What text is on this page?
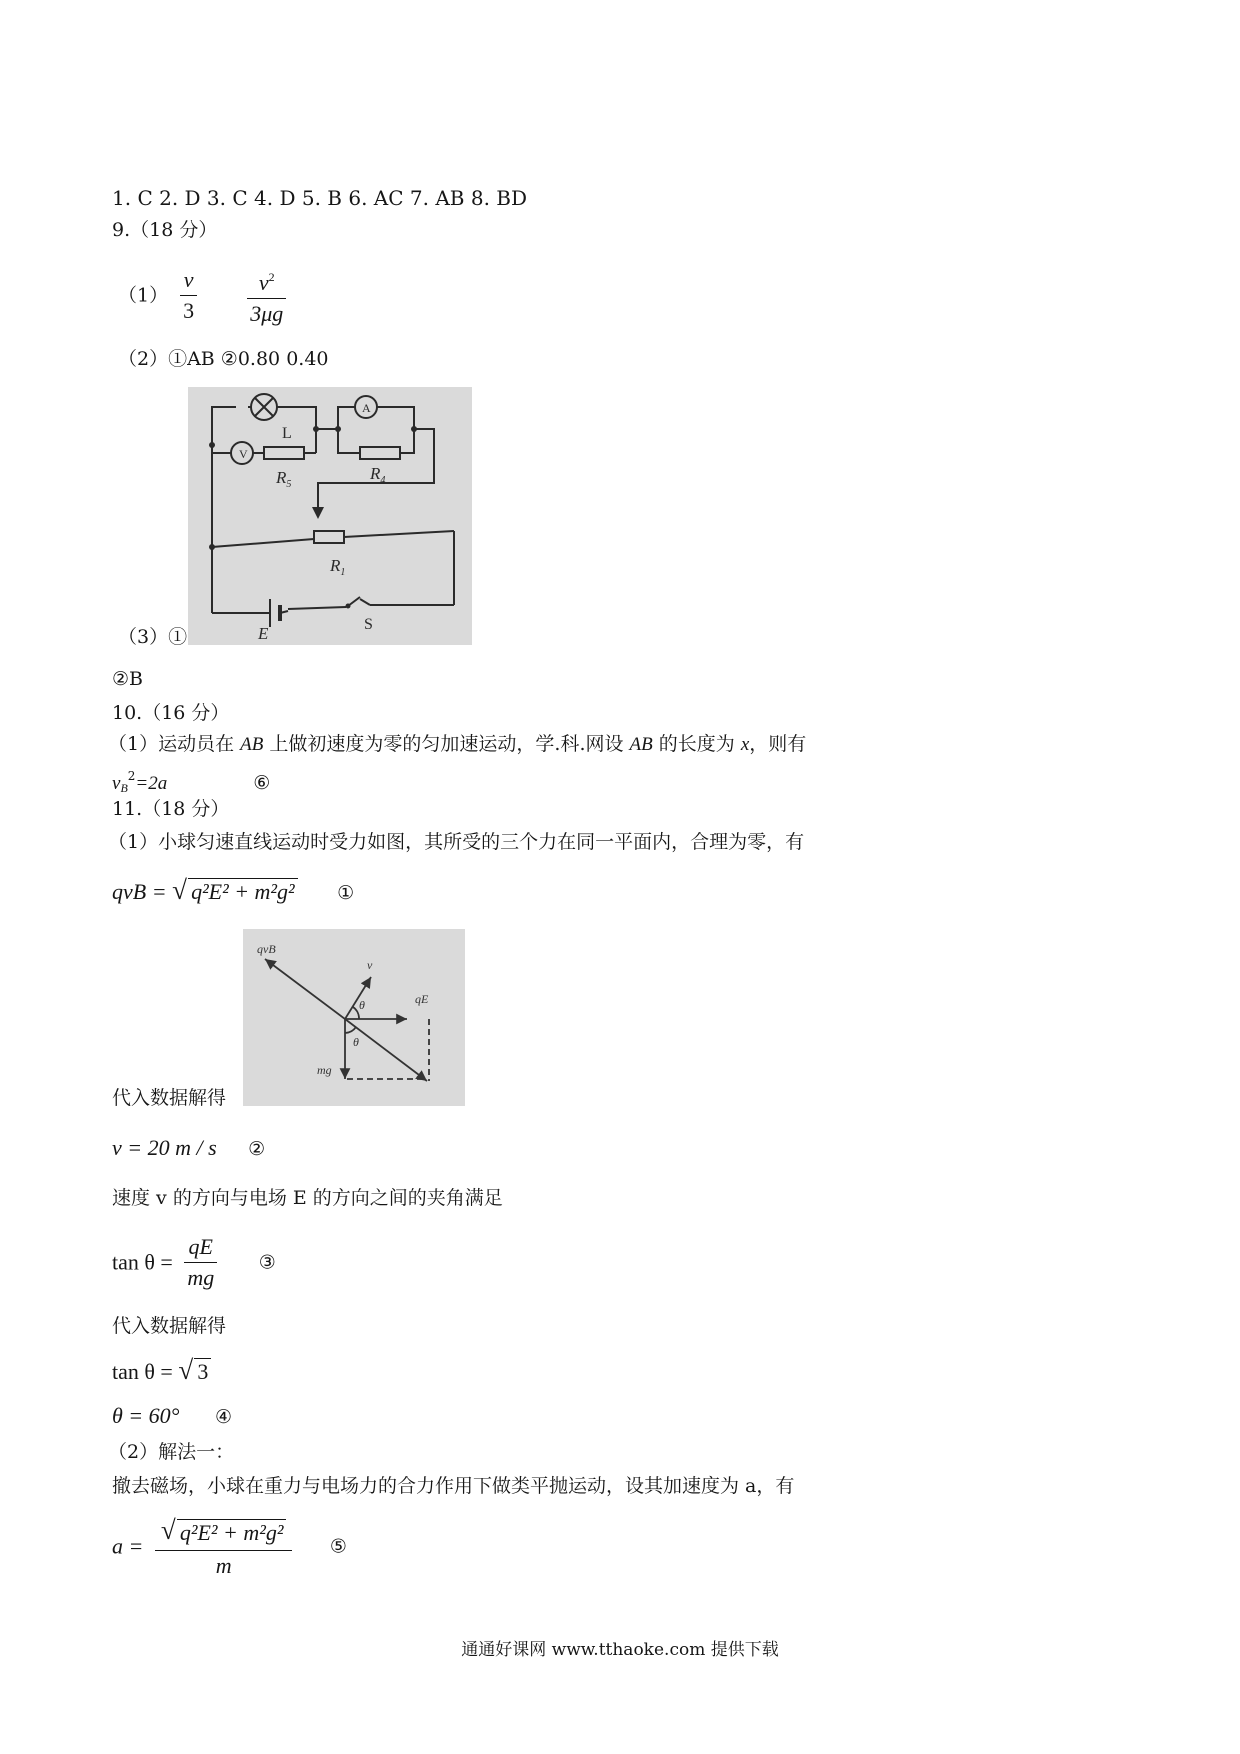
1. C 2. D 3. C 4. D 5. B 6. AC 7. AB 8. BD
9.（18 分）
$(1) \frac{v}{3}$
$\frac{v^2}{3\mu g}$
（2）①AB ②0.80 0.40
V
A
L
$R_5$
$R_4$
$R_1$
E	S
（3）①
②B
10.（16 分）
（1）运动员在 AB 上做初速度为零的匀加速运动，学.科.网设 AB 的长度为 x，则有
$v_B^2=2a$	⑥
11.（18 分）
（1）小球匀速直线运动时受力如图，其所受的三个力在同一平面内，合理为零，有
qvB = √ q²E² + m²g² ①
qvB
v
qE
mg
θ
θ
代入数据解得
v = 20 m / s ②
速度 v 的方向与电场 E 的方向之间的夹角满足
$\tan \theta = \frac{qE}{mg}$ ③
代入数据解得
tan θ = √ 3
θ = 60° ④
（2）解法一：
撤去磁场，小球在重力与电场力的合力作用下做类平抛运动，设其加速度为 a，有
$a = \frac{\text{√ q²E² + m²g²}}{m}$ ⑤
通通好课网 www.tthaoke.com 提供下载
